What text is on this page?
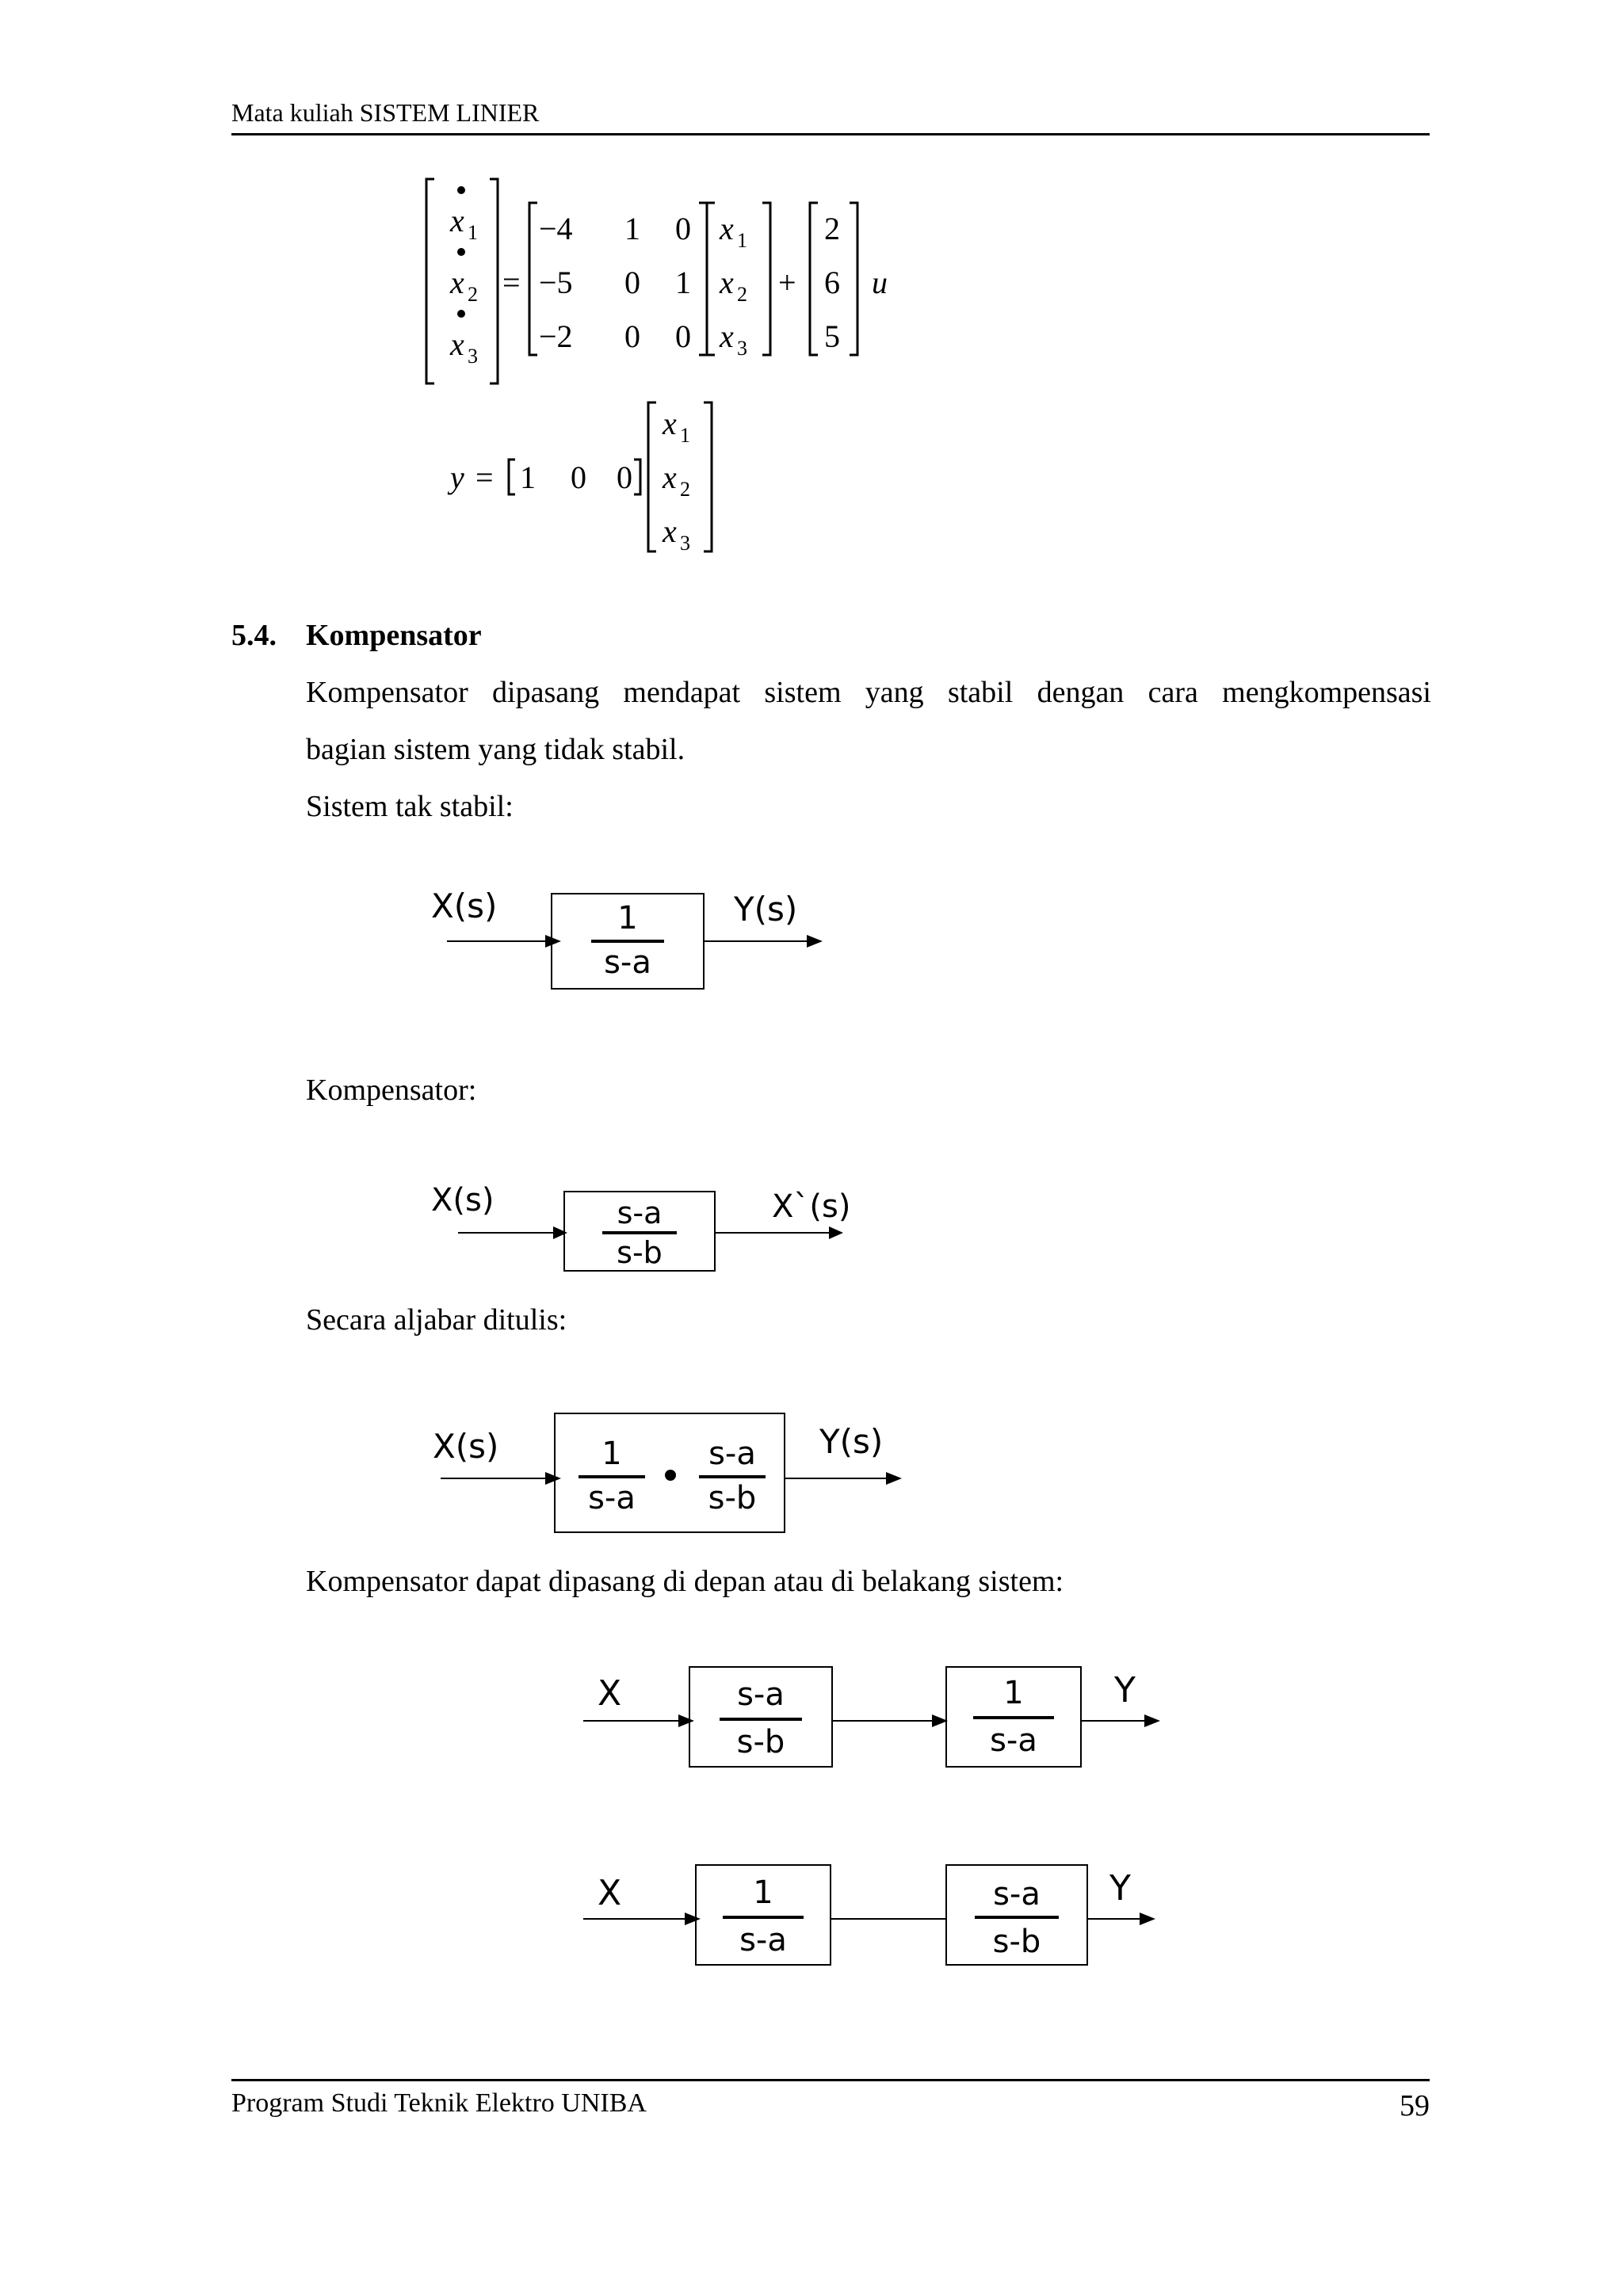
Mata kuliah SISTEM LINIER
x 1
x 2
x 3
=
−4 1 0
−5 0 1
−2 0 0
x 1
x 2
x 3
+
2
6
5
u
y = 1 0 0
x 1
x 2
x 3
5.4. Kompensator
Kompensator dipasang mendapat sistem yang stabil dengan cara mengkompensasi
bagian sistem yang tidak stabil.
Sistem tak stabil:
X(s)	1
s-a
Y(s)
Kompensator:
X(s)	s-a
s-b
X`(s)
Secara aljabar ditulis:
X(s)	1
s-a
s-a
s-b
Y(s)
Kompensator dapat dipasang di depan atau di belakang sistem:
X	s-a
s-b
1
s-a
Y
X	1
s-a
s-a
s-b
Y
Program Studi Teknik Elektro UNIBA	59
